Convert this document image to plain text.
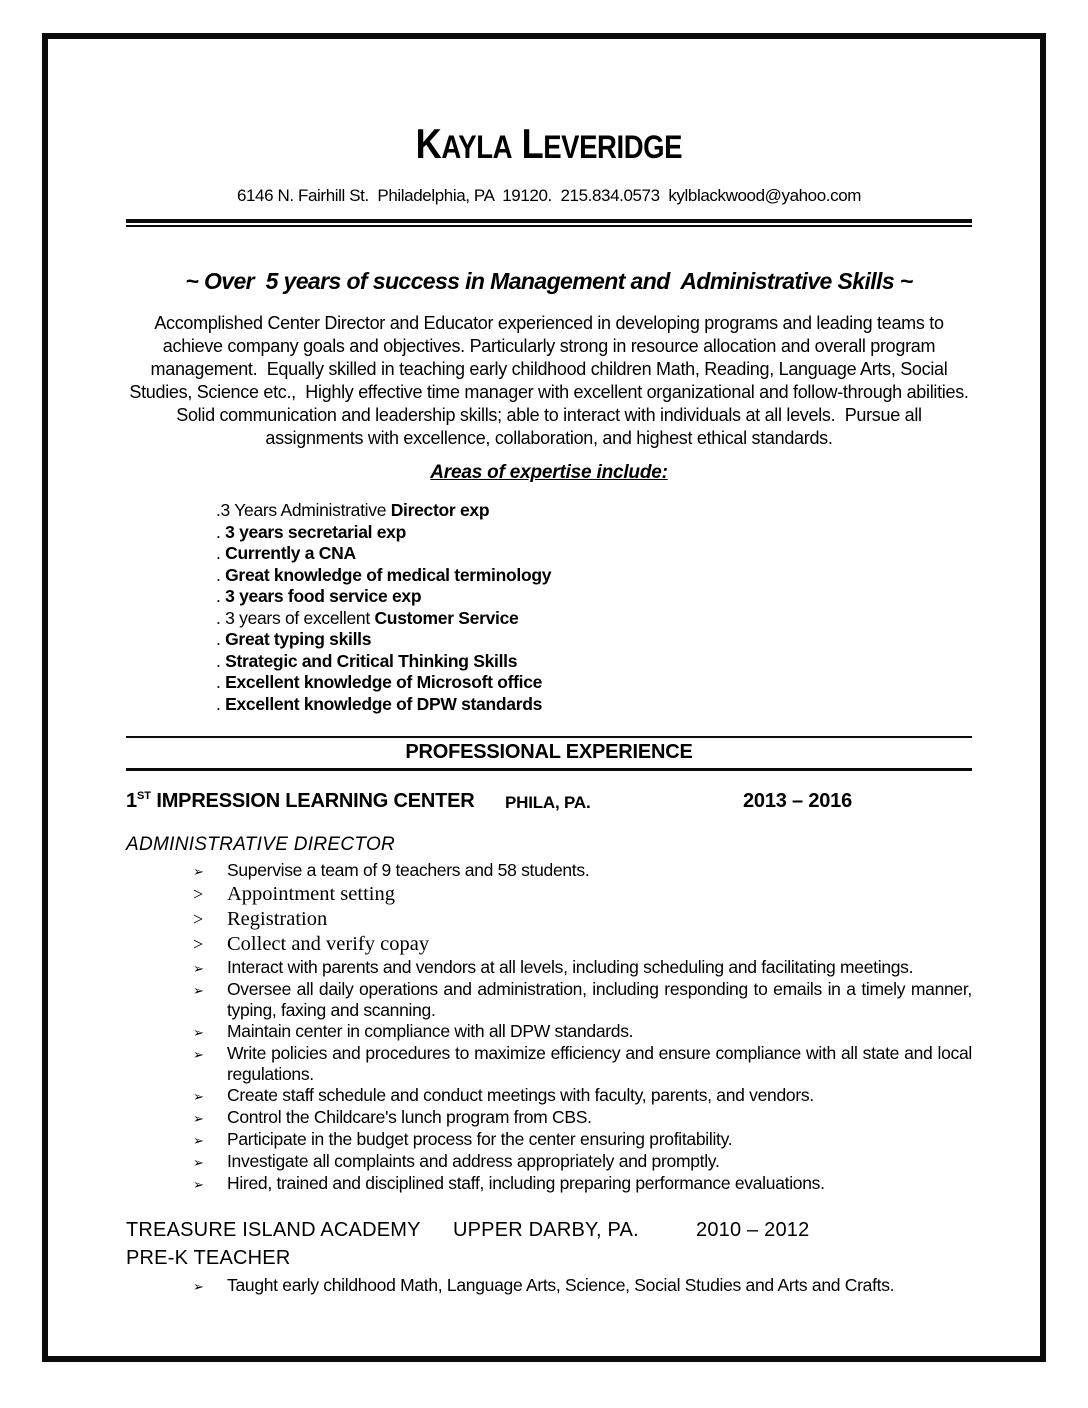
KAYLA LEVERIDGE
6146 N. Fairhill St.  Philadelphia, PA  19120.  215.834.0573  kylblackwood@yahoo.com
~ Over  5 years of success in Management and  Administrative Skills ~

Accomplished Center Director and Educator experienced in developing programs and leading teams to achieve company goals and objectives. Particularly strong in resource allocation and overall program management.  Equally skilled in teaching early childhood children Math, Reading, Language Arts, Social Studies, Science etc.,  Highly effective time manager with excellent organizational and follow-through abilities.  Solid communication and leadership skills; able to interact with individuals at all levels.  Pursue all assignments with excellence, collaboration, and highest ethical standards.

Areas of expertise include:
.3 Years Administrative Director exp
. 3 years secretarial exp
. Currently a CNA
. Great knowledge of medical terminology
. 3 years food service exp
. 3 years of excellent Customer Service
. Great typing skills
. Strategic and Critical Thinking Skills
. Excellent knowledge of Microsoft office
. Excellent knowledge of DPW standards
PROFESSIONAL EXPERIENCE
1ST IMPRESSION LEARNING CENTER PHILA, PA.	2013 – 2016
ADMINISTRATIVE DIRECTOR
➢	Supervise a team of 9 teachers and 58 students.
>	Appointment setting
>	Registration
>	Collect and verify copay
➢	Interact with parents and vendors at all levels, including scheduling and facilitating meetings.
➢	Oversee all daily operations and administration, including responding to emails in a timely manner, typing, faxing and scanning.
➢	Maintain center in compliance with all DPW standards.
➢	Write policies and procedures to maximize efficiency and ensure compliance with all state and local regulations.
➢	Create staff schedule and conduct meetings with faculty, parents, and vendors.
➢	Control the Childcare's lunch program from CBS.
➢	Participate in the budget process for the center ensuring profitability.
➢	Investigate all complaints and address appropriately and promptly.
➢	Hired, trained and disciplined staff, including preparing performance evaluations.
TREASURE ISLAND ACADEMY UPPER DARBY, PA.	2010 – 2012
PRE-K TEACHER
➢	Taught early childhood Math, Language Arts, Science, Social Studies and Arts and Crafts.
